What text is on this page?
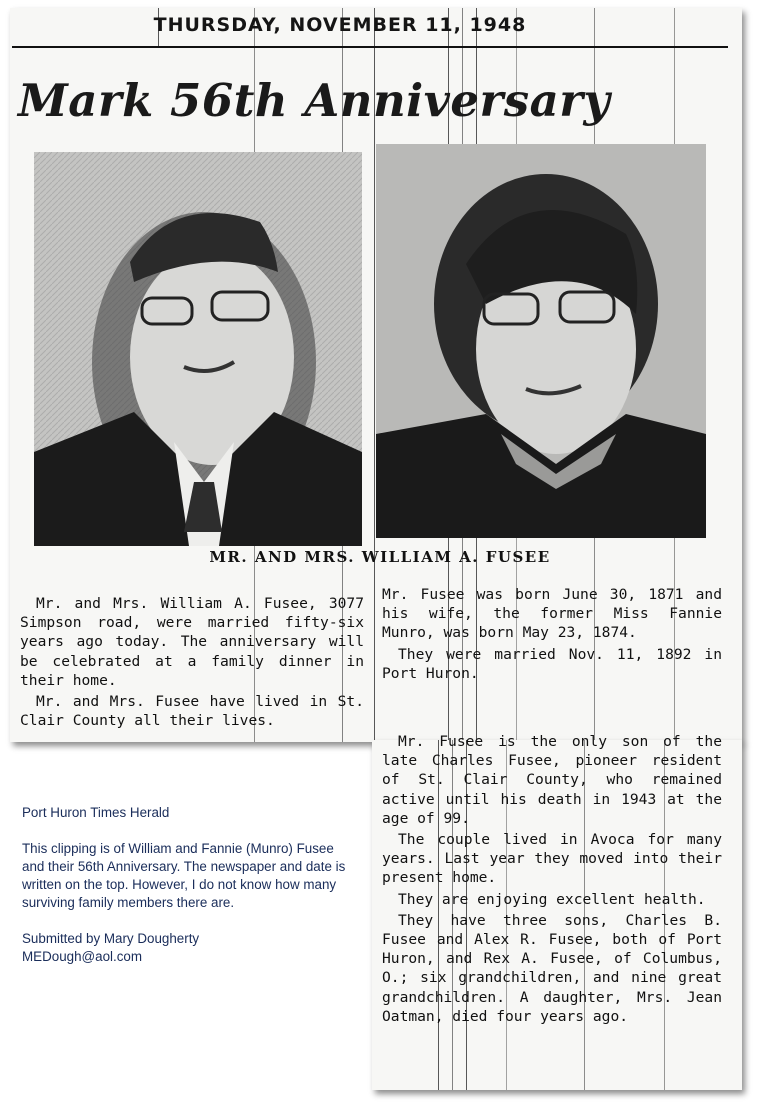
THURSDAY, NOVEMBER 11, 1948
Mark 56th Anniversary
MR. AND MRS. WILLIAM A. FUSEE

Mr. and Mrs. William A. Fusee, 3077 Simpson road, were married fifty-six years ago today. The anniversary will be celebrated at a family dinner in their home.

Mr. and Mrs. Fusee have lived in St. Clair County all their lives.

Mr. Fusee was born June 30, 1871 and his wife, the former Miss Fannie Munro, was born May 23, 1874.

They were married Nov. 11, 1892 in Port Huron.

Mr. Fusee is the only son of the late Charles Fusee, pioneer resident of St. Clair County, who remained active until his death in 1943 at the age of 99.

The couple lived in Avoca for many years. Last year they moved into their present home.

They are enjoying excellent health.

They have three sons, Charles B. Fusee and Alex R. Fusee, both of Port Huron, and Rex A. Fusee, of Columbus, O.; six grandchildren, and nine great grandchildren. A daughter, Mrs. Jean Oatman, died four years ago.

Port Huron Times Herald
This clipping is of William and Fannie (Munro) Fusee and their 56th Anniversary. The newspaper and date is written on the top. However, I do not know how many surviving family members there are.
Submitted by Mary Dougherty
MEDough@aol.com
